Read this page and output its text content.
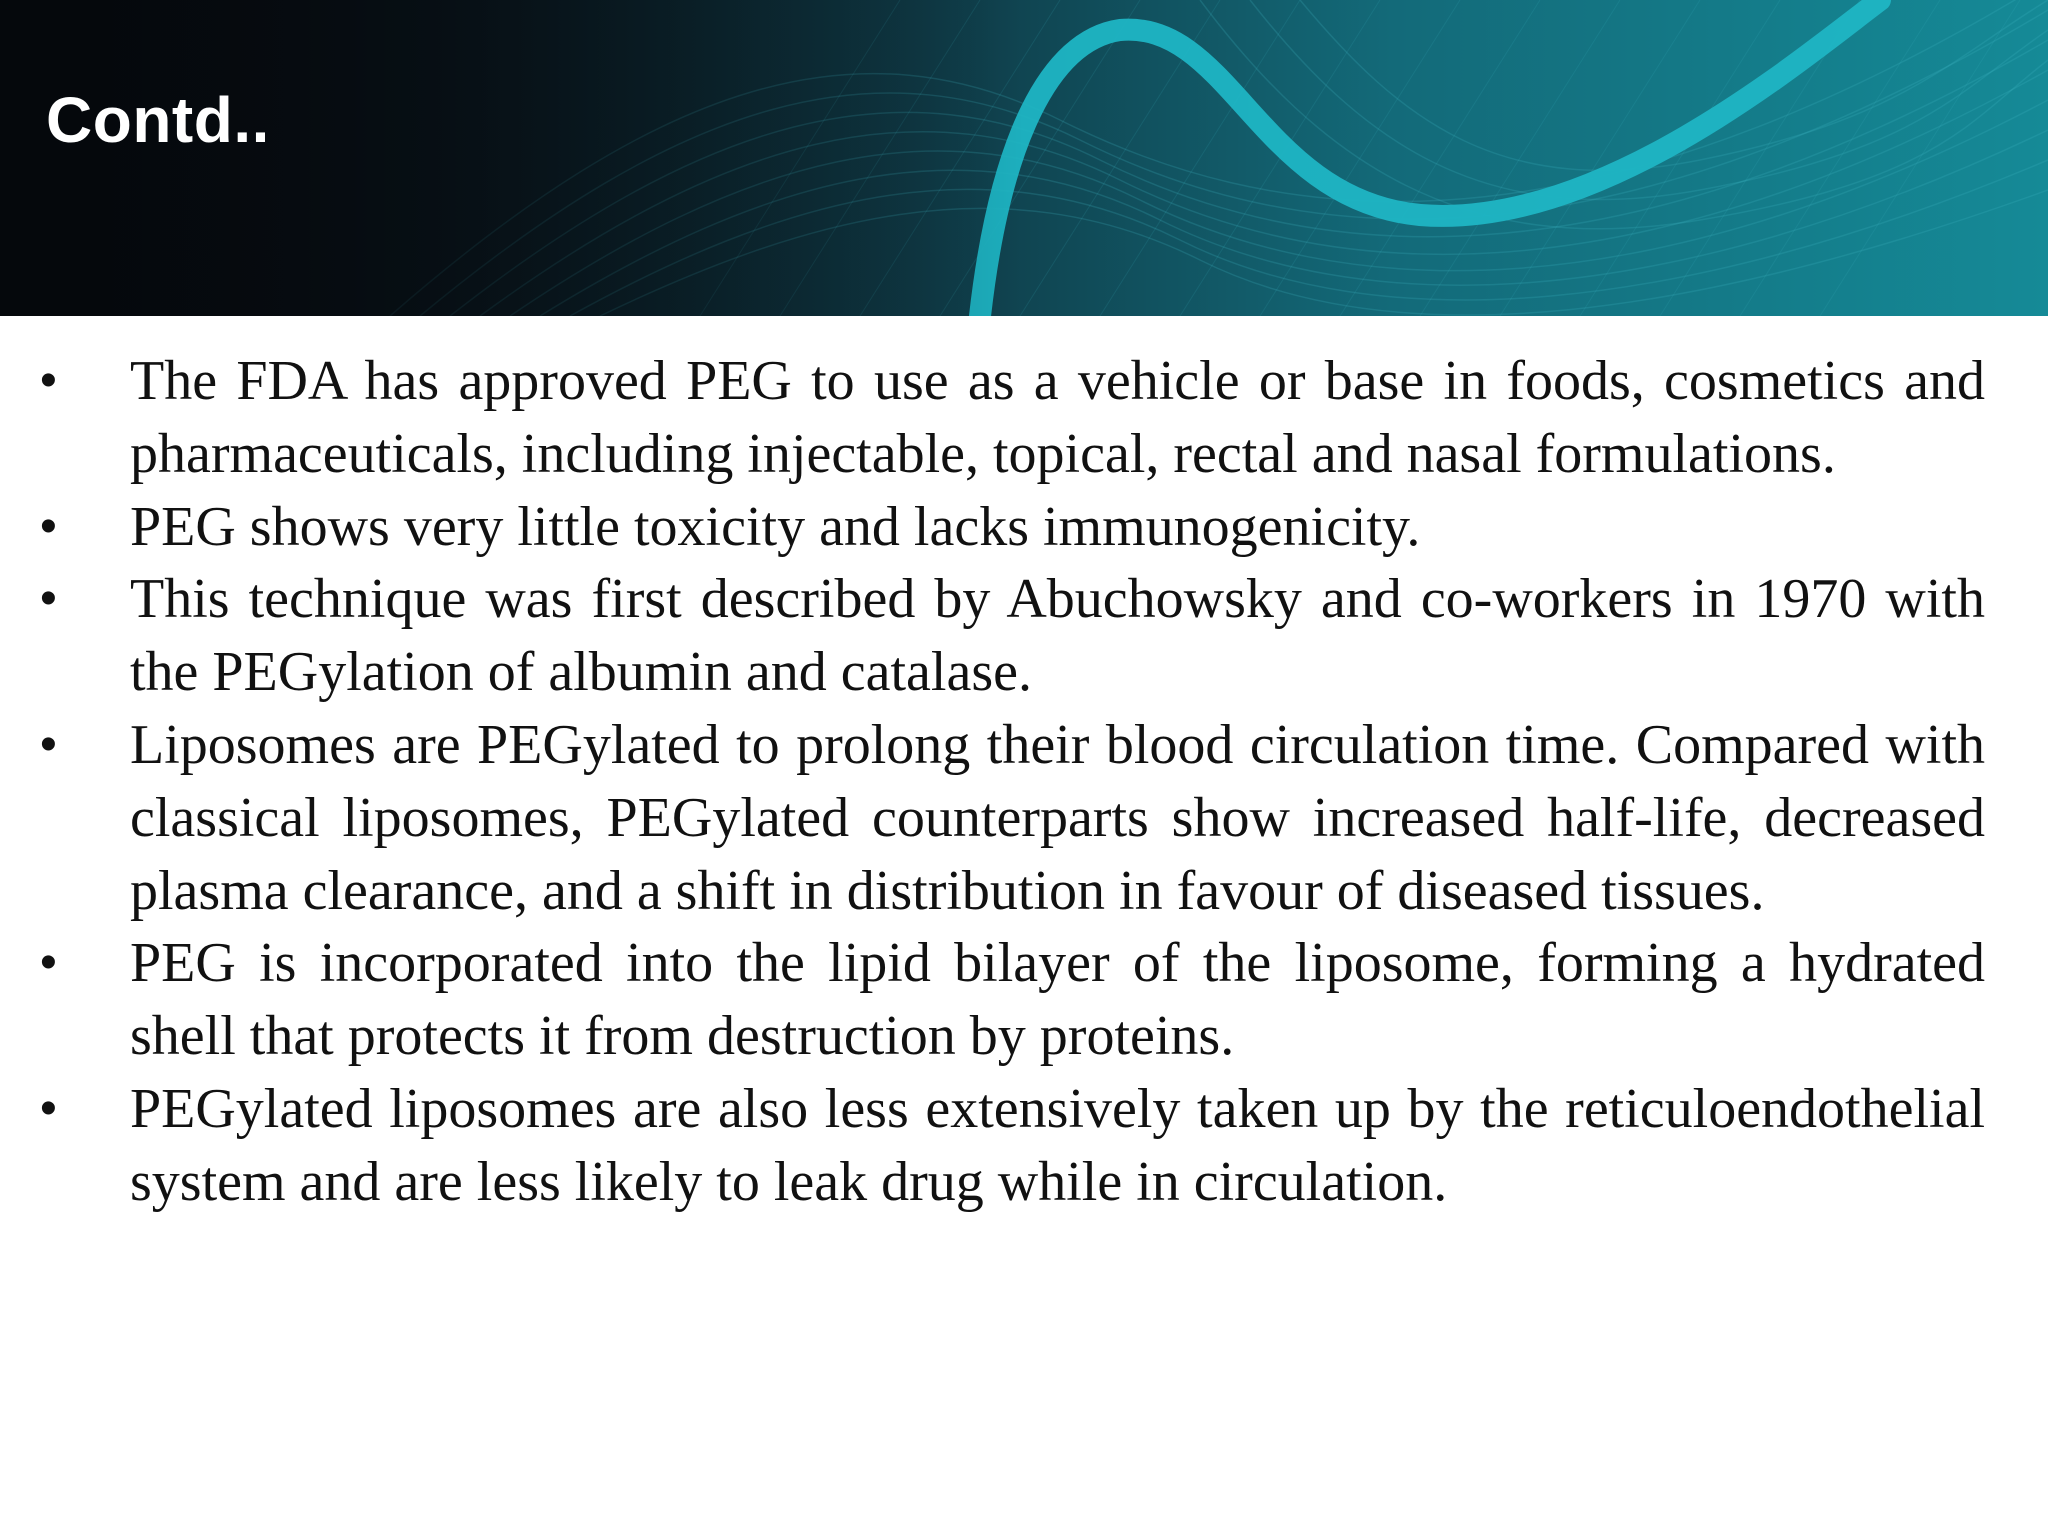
Contd..
• The FDA has approved PEG to use as a vehicle or base in foods, cosmetics and pharmaceuticals, including injectable, topical, rectal and nasal formulations.
• PEG shows very little toxicity and lacks immunogenicity.
• This technique was first described by Abuchowsky and co-workers in 1970 with the PEGylation of albumin and catalase.
• Liposomes are PEGylated to prolong their blood circulation time. Compared with classical liposomes, PEGylated counterparts show increased half-life, decreased plasma clearance, and a shift in distribution in favour of diseased tissues.
• PEG is incorporated into the lipid bilayer of the liposome, forming a hydrated shell that protects it from destruction by proteins.
• PEGylated liposomes are also less extensively taken up by the reticuloendothelial system and are less likely to leak drug while in circulation.
